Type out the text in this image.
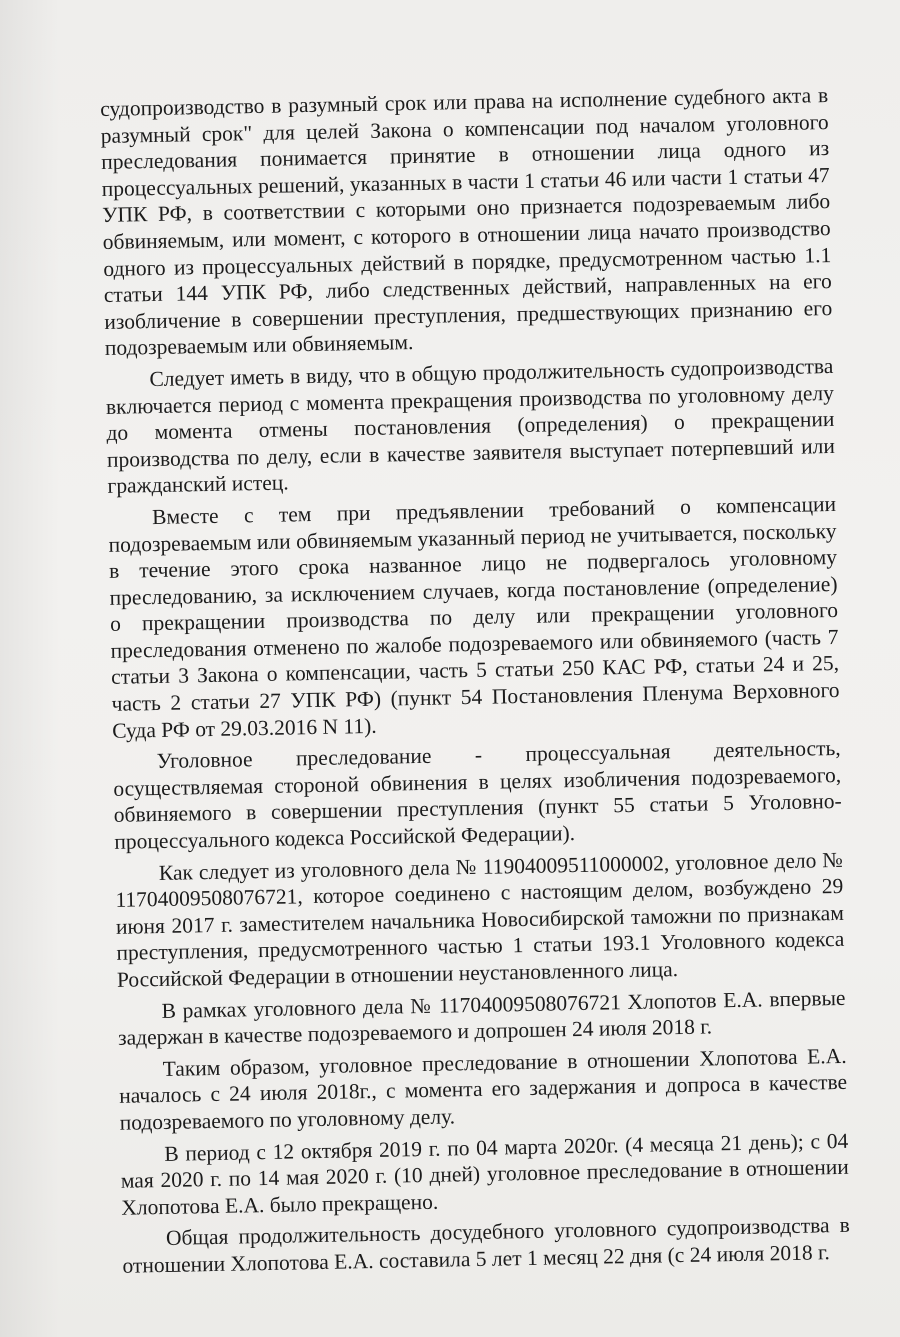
судопроизводство в разумный срок или права на исполнение судебного акта в разумный срок" для целей Закона о компенсации под началом уголовного преследования понимается принятие в отношении лица одного из процессуальных решений, указанных в части 1 статьи 46 или части 1 статьи 47 УПК РФ, в соответствии с которыми оно признается подозреваемым либо обвиняемым, или момент, с которого в отношении лица начато производство одного из процессуальных действий в порядке, предусмотренном частью 1.1 статьи 144 УПК РФ, либо следственных действий, направленных на его изобличение в совершении преступления, предшествующих признанию его подозреваемым или обвиняемым.

Следует иметь в виду, что в общую продолжительность судопроизводства включается период с момента прекращения производства по уголовному делу до момента отмены постановления (определения) о прекращении производства по делу, если в качестве заявителя выступает потерпевший или гражданский истец.

Вместе с тем при предъявлении требований о компенсации подозреваемым или обвиняемым указанный период не учитывается, поскольку в течение этого срока названное лицо не подвергалось уголовному преследованию, за исключением случаев, когда постановление (определение) о прекращении производства по делу или прекращении уголовного преследования отменено по жалобе подозреваемого или обвиняемого (часть 7 статьи 3 Закона о компенсации, часть 5 статьи 250 КАС РФ, статьи 24 и 25, часть 2 статьи 27 УПК РФ) (пункт 54 Постановления Пленума Верховного Суда РФ от 29.03.2016 N 11).

Уголовное преследование - процессуальная деятельность, осуществляемая стороной обвинения в целях изобличения подозреваемого, обвиняемого в совершении преступления (пункт 55 статьи 5 Уголовно-процессуального кодекса Российской Федерации).

Как следует из уголовного дела № 11904009511000002, уголовное дело № 11704009508076721, которое соединено с настоящим делом, возбуждено 29 июня 2017 г. заместителем начальника Новосибирской таможни по признакам преступления, предусмотренного частью 1 статьи 193.1 Уголовного кодекса Российской Федерации в отношении неустановленного лица.

В рамках уголовного дела № 11704009508076721 Хлопотов Е.А. впервые задержан в качестве подозреваемого и допрошен 24 июля 2018 г.

Таким образом, уголовное преследование в отношении Хлопотова Е.А. началось с 24 июля 2018г., с момента его задержания и допроса в качестве подозреваемого по уголовному делу.

В период с 12 октября 2019 г. по 04 марта 2020г. (4 месяца 21 день); с 04 мая 2020 г. по 14 мая 2020 г. (10 дней) уголовное преследование в отношении Хлопотова Е.А. было прекращено.

Общая продолжительность досудебного уголовного судопроизводства в отношении Хлопотова Е.А. составила 5 лет 1 месяц 22 дня (с 24 июля 2018 г.
